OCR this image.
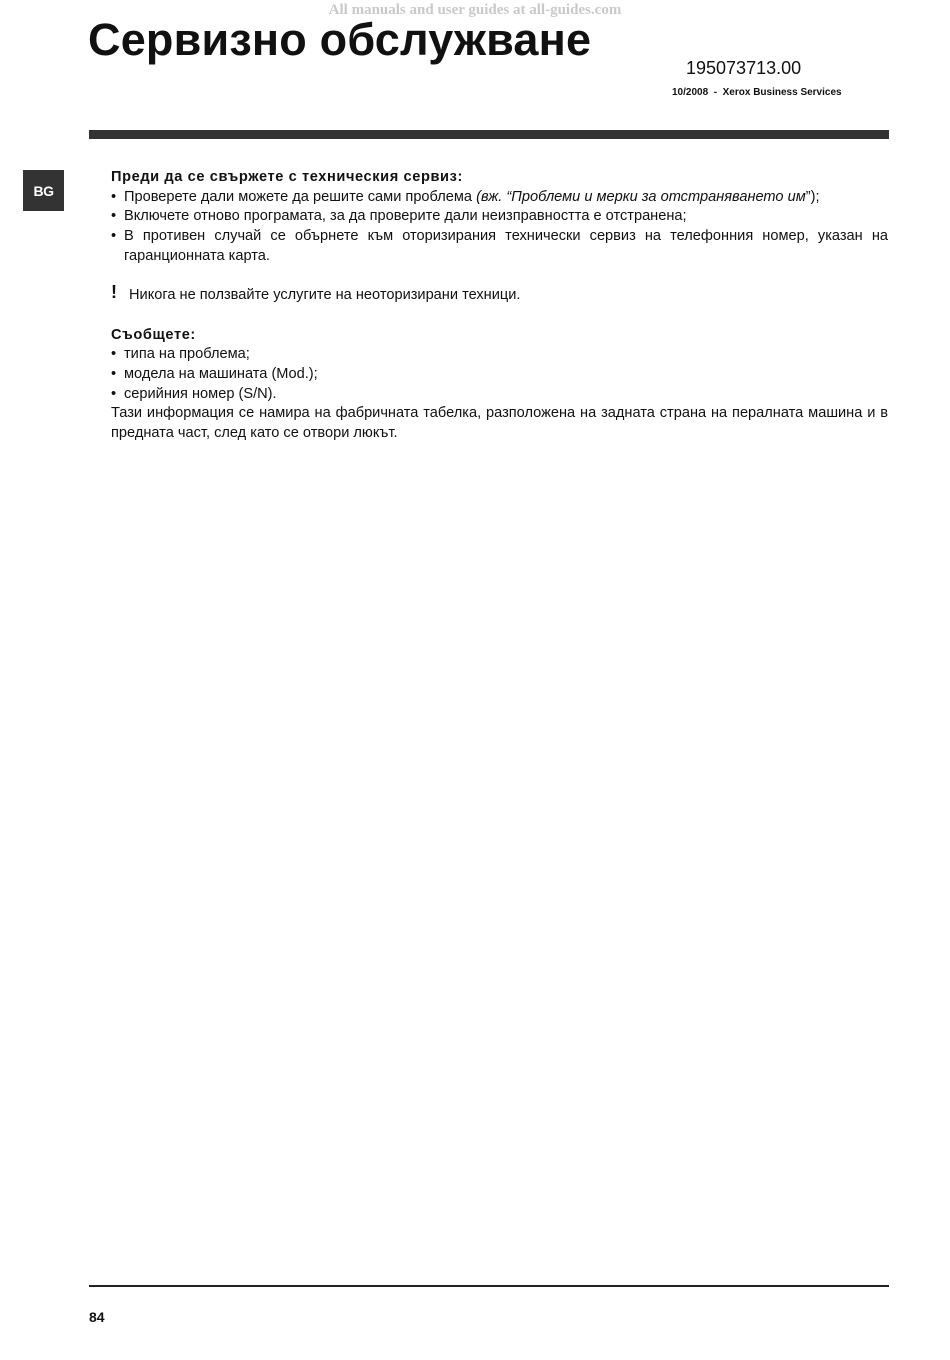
All manuals and user guides at all-guides.com
Сервизно обслужване
195073713.00
10/2008 - Xerox Business Services
BG

Преди да се свържете с техническия сервиз:

• Проверете дали можете да решите сами проблема (вж. “Проблеми и мерки за отстраняването им”);
• Включете отново програмата, за да проверите дали неизправността е отстранена;
• В противен случай се обърнете към оторизирания технически сервиз на телефонния номер, указан на гаранционната карта.

! Никога не ползвайте услугите на неоторизирани техници.

Съобщете:

• типа на проблема;
• модела на машината (Mod.);
• серийния номер (S/N).

Тази информация се намира на фабричната табелка, разположена на задната страна на пералната машина и в предната част, след като се отвори люкът.

84
